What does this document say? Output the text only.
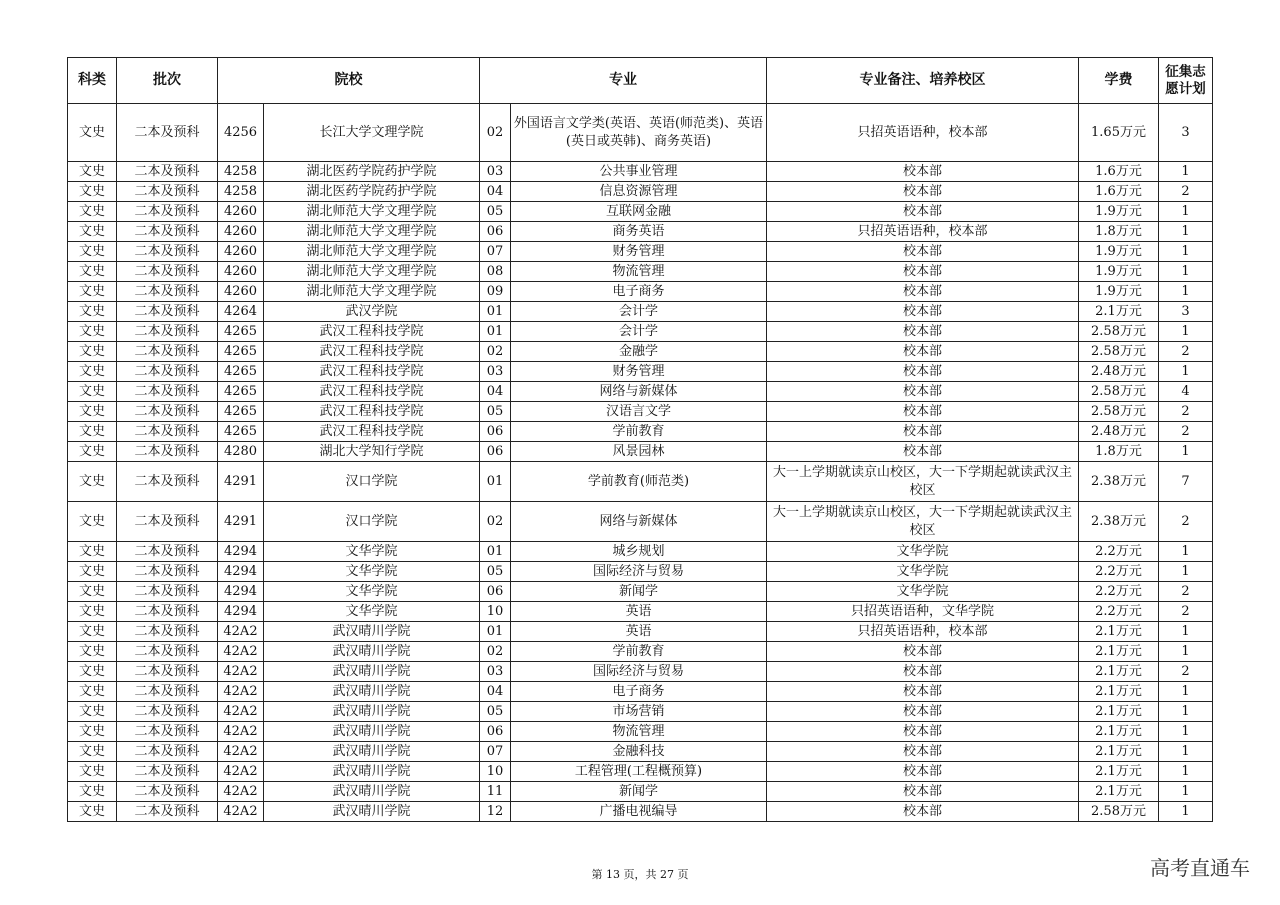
科类	批次	院校		专业		专业备注、培养校区	学费	征集志愿计划
文史	二本及预科	4256	长江大学文理学院	02	外国语言文学类(英语、英语(师范类)、英语(英日或英韩)、商务英语)	只招英语语种，校本部	1.65万元	3
文史	二本及预科	4258	湖北医药学院药护学院	03	公共事业管理	校本部	1.6万元	1
文史	二本及预科	4258	湖北医药学院药护学院	04	信息资源管理	校本部	1.6万元	2
文史	二本及预科	4260	湖北师范大学文理学院	05	互联网金融	校本部	1.9万元	1
文史	二本及预科	4260	湖北师范大学文理学院	06	商务英语	只招英语语种，校本部	1.8万元	1
文史	二本及预科	4260	湖北师范大学文理学院	07	财务管理	校本部	1.9万元	1
文史	二本及预科	4260	湖北师范大学文理学院	08	物流管理	校本部	1.9万元	1
文史	二本及预科	4260	湖北师范大学文理学院	09	电子商务	校本部	1.9万元	1
文史	二本及预科	4264	武汉学院	01	会计学	校本部	2.1万元	3
文史	二本及预科	4265	武汉工程科技学院	01	会计学	校本部	2.58万元	1
文史	二本及预科	4265	武汉工程科技学院	02	金融学	校本部	2.58万元	2
文史	二本及预科	4265	武汉工程科技学院	03	财务管理	校本部	2.48万元	1
文史	二本及预科	4265	武汉工程科技学院	04	网络与新媒体	校本部	2.58万元	4
文史	二本及预科	4265	武汉工程科技学院	05	汉语言文学	校本部	2.58万元	2
文史	二本及预科	4265	武汉工程科技学院	06	学前教育	校本部	2.48万元	2
文史	二本及预科	4280	湖北大学知行学院	06	风景园林	校本部	1.8万元	1
文史	二本及预科	4291	汉口学院	01	学前教育(师范类)	大一上学期就读京山校区，大一下学期起就读武汉主校区	2.38万元	7
文史	二本及预科	4291	汉口学院	02	网络与新媒体	大一上学期就读京山校区，大一下学期起就读武汉主校区	2.38万元	2
文史	二本及预科	4294	文华学院	01	城乡规划	文华学院	2.2万元	1
文史	二本及预科	4294	文华学院	05	国际经济与贸易	文华学院	2.2万元	1
文史	二本及预科	4294	文华学院	06	新闻学	文华学院	2.2万元	2
文史	二本及预科	4294	文华学院	10	英语	只招英语语种，文华学院	2.2万元	2
文史	二本及预科	42A2	武汉晴川学院	01	英语	只招英语语种，校本部	2.1万元	1
文史	二本及预科	42A2	武汉晴川学院	02	学前教育	校本部	2.1万元	1
文史	二本及预科	42A2	武汉晴川学院	03	国际经济与贸易	校本部	2.1万元	2
文史	二本及预科	42A2	武汉晴川学院	04	电子商务	校本部	2.1万元	1
文史	二本及预科	42A2	武汉晴川学院	05	市场营销	校本部	2.1万元	1
文史	二本及预科	42A2	武汉晴川学院	06	物流管理	校本部	2.1万元	1
文史	二本及预科	42A2	武汉晴川学院	07	金融科技	校本部	2.1万元	1
文史	二本及预科	42A2	武汉晴川学院	10	工程管理(工程概预算)	校本部	2.1万元	1
文史	二本及预科	42A2	武汉晴川学院	11	新闻学	校本部	2.1万元	1
文史	二本及预科	42A2	武汉晴川学院	12	广播电视编导	校本部	2.58万元	1
第 13 页，共 27 页	高考直通车
